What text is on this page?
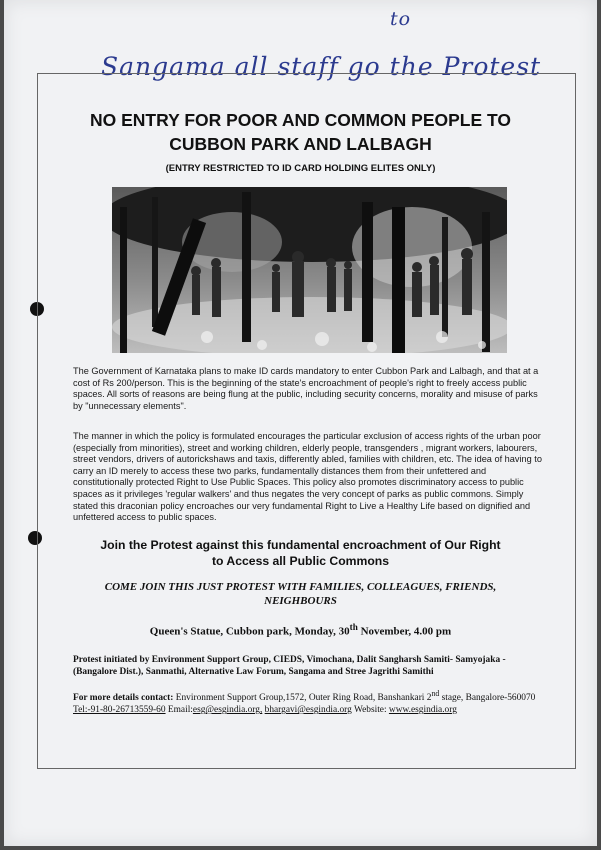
Sangama all staff go the Protest
to
NO ENTRY FOR POOR AND COMMON PEOPLE TO
CUBBON PARK AND LALBAGH
(ENTRY RESTRICTED TO ID CARD HOLDING ELITES ONLY)
The Government of Karnataka plans to make ID cards mandatory to enter Cubbon Park and Lalbagh, and that at a cost of Rs 200/person. This is the beginning of the state's encroachment of people's right to freely access public spaces. All sorts of reasons are being flung at the public, including security concerns, morality and misuse of parks by "unnecessary elements".
The manner in which the policy is formulated encourages the particular exclusion of access rights of the urban poor (especially from minorities), street and working children, elderly people, transgenders , migrant workers, labourers, street vendors, drivers of autorickshaws and taxis, differently abled, families with children, etc. The idea of having to carry an ID merely to access these two parks, fundamentally distances them from their unfettered and constitutionally protected Right to Use Public Spaces. This policy also promotes discriminatory access to public spaces as it privileges 'regular walkers' and thus negates the very concept of parks as public commons. Simply stated this draconian policy encroaches our very fundamental Right to Live a Healthy Life based on dignified and unfettered access to public spaces.
Join the Protest against this fundamental encroachment of Our Right
to Access all Public Commons
COME JOIN THIS JUST PROTEST WITH FAMILIES, COLLEAGUES, FRIENDS,
NEIGHBOURS
Queen's Statue, Cubbon park, Monday, 30th November, 4.00 pm
Protest initiated by Environment Support Group, CIEDS, Vimochana, Dalit Sangharsh Samiti- Samyojaka - (Bangalore Dist.), Sanmathi, Alternative Law Forum, Sangama and Stree Jagrithi Samithi
For more details contact: Environment Support Group,1572, Outer Ring Road, Banshankari 2nd stage, Bangalore-560070 Tel:-91-80-26713559-60 Email:esg@esgindia.org, bhargavi@esgindia.org Website: www.esgindia.org
